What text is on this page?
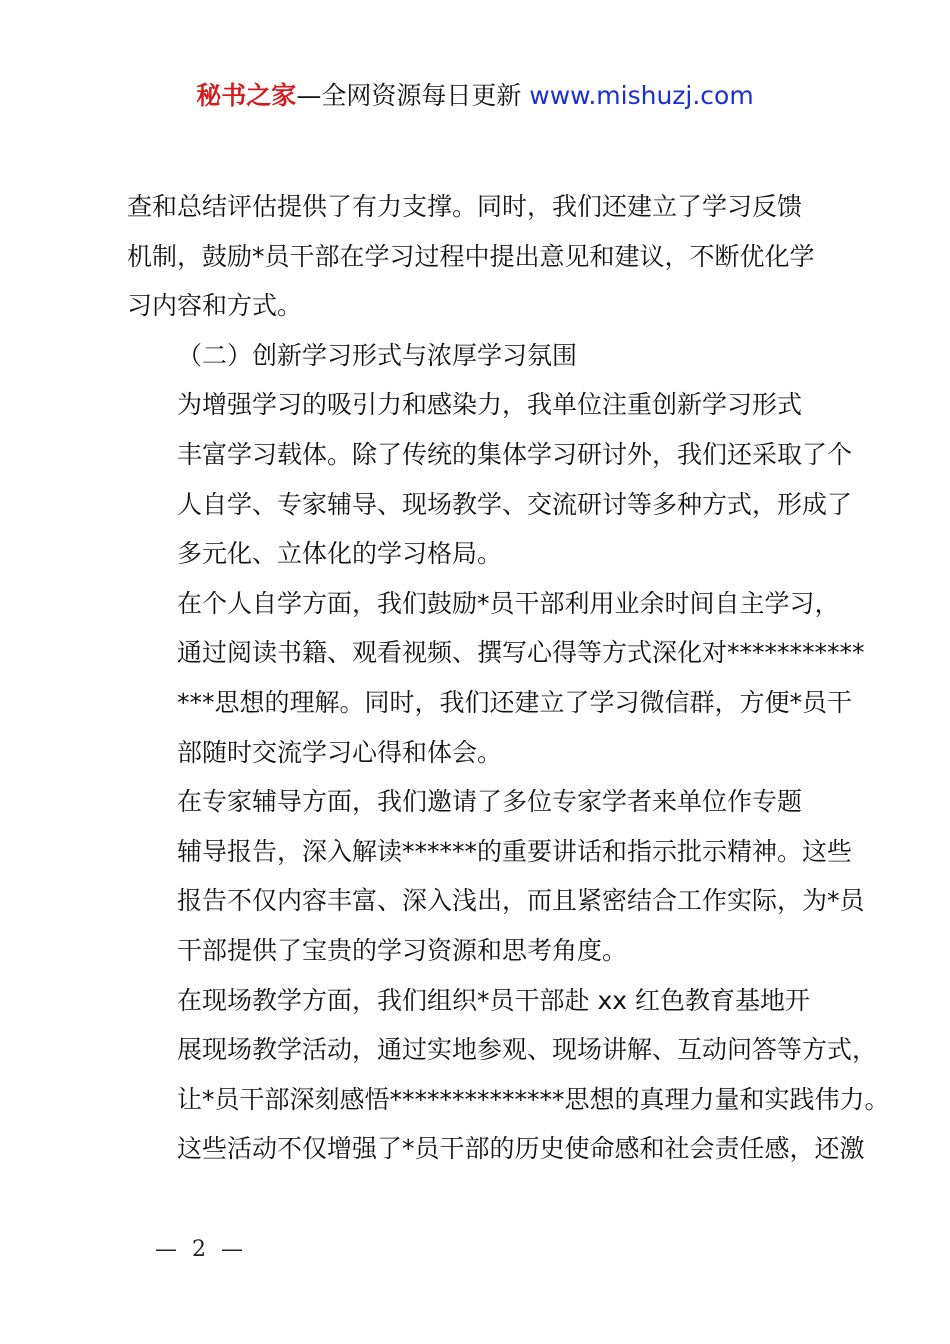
秘书之家—全网资源每日更新 www.mishuzj.com

查和总结评估提供了有力支撑。同时，我们还建立了学习反馈
机制，鼓励*员干部在学习过程中提出意见和建议，不断优化学
习内容和方式。

（二）创新学习形式与浓厚学习氛围

为增强学习的吸引力和感染力，我单位注重创新学习形式
丰富学习载体。除了传统的集体学习研讨外，我们还采取了个
人自学、专家辅导、现场教学、交流研讨等多种方式，形成了
多元化、立体化的学习格局。

在个人自学方面，我们鼓励*员干部利用业余时间自主学习，
通过阅读书籍、观看视频、撰写心得等方式深化对***********
***思想的理解。同时，我们还建立了学习微信群，方便*员干
部随时交流学习心得和体会。

在专家辅导方面，我们邀请了多位专家学者来单位作专题
辅导报告，深入解读******的重要讲话和指示批示精神。这些
报告不仅内容丰富、深入浅出，而且紧密结合工作实际，为*员
干部提供了宝贵的学习资源和思考角度。

在现场教学方面，我们组织*员干部赴 xx 红色教育基地开
展现场教学活动，通过实地参观、现场讲解、互动问答等方式，
让*员干部深刻感悟**************思想的真理力量和实践伟力。
这些活动不仅增强了*员干部的历史使命感和社会责任感，还激

— 2 —
